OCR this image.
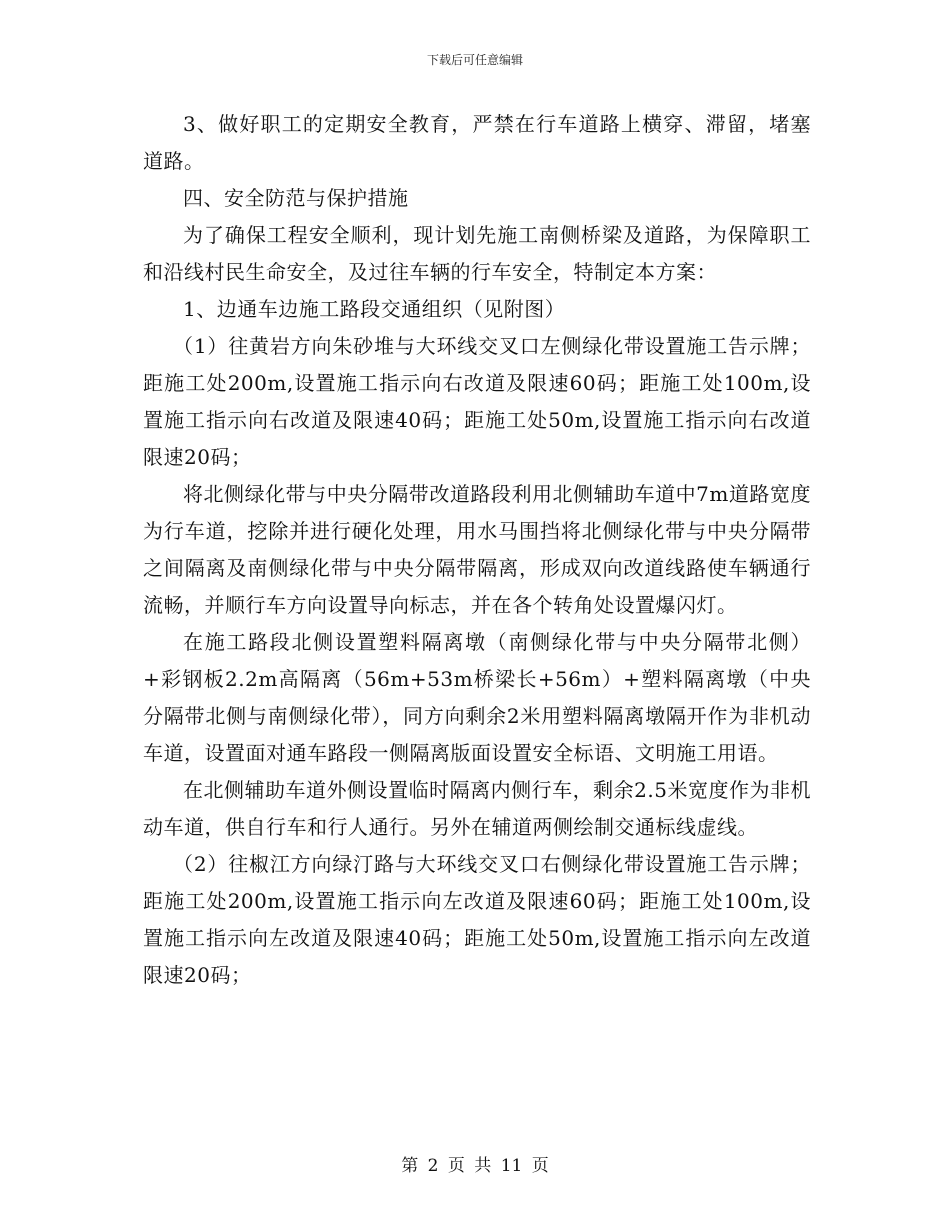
下载后可任意编辑

3、做好职工的定期安全教育，严禁在行车道路上横穿、滞留，堵塞道路。

四、安全防范与保护措施

为了确保工程安全顺利，现计划先施工南侧桥梁及道路，为保障职工和沿线村民生命安全，及过往车辆的行车安全，特制定本方案：

1、边通车边施工路段交通组织（见附图）

（1）往黄岩方向朱砂堆与大环线交叉口左侧绿化带设置施工告示牌；距施工处200m,设置施工指示向右改道及限速60码；距施工处100m,设置施工指示向右改道及限速40码；距施工处50m,设置施工指示向右改道限速20码；

将北侧绿化带与中央分隔带改道路段利用北侧辅助车道中7m道路宽度为行车道，挖除并进行硬化处理，用水马围挡将北侧绿化带与中央分隔带之间隔离及南侧绿化带与中央分隔带隔离，形成双向改道线路使车辆通行流畅，并顺行车方向设置导向标志，并在各个转角处设置爆闪灯。

在施工路段北侧设置塑料隔离墩（南侧绿化带与中央分隔带北侧）+彩钢板2.2m高隔离（56m+53m桥梁长+56m）+塑料隔离墩（中央分隔带北侧与南侧绿化带），同方向剩余2米用塑料隔离墩隔开作为非机动车道，设置面对通车路段一侧隔离版面设置安全标语、文明施工用语。

在北侧辅助车道外侧设置临时隔离内侧行车，剩余2.5米宽度作为非机动车道，供自行车和行人通行。另外在辅道两侧绘制交通标线虚线。

（2）往椒江方向绿汀路与大环线交叉口右侧绿化带设置施工告示牌；距施工处200m,设置施工指示向左改道及限速60码；距施工处100m,设置施工指示向左改道及限速40码；距施工处50m,设置施工指示向左改道限速20码；

第 2 页 共 11 页
